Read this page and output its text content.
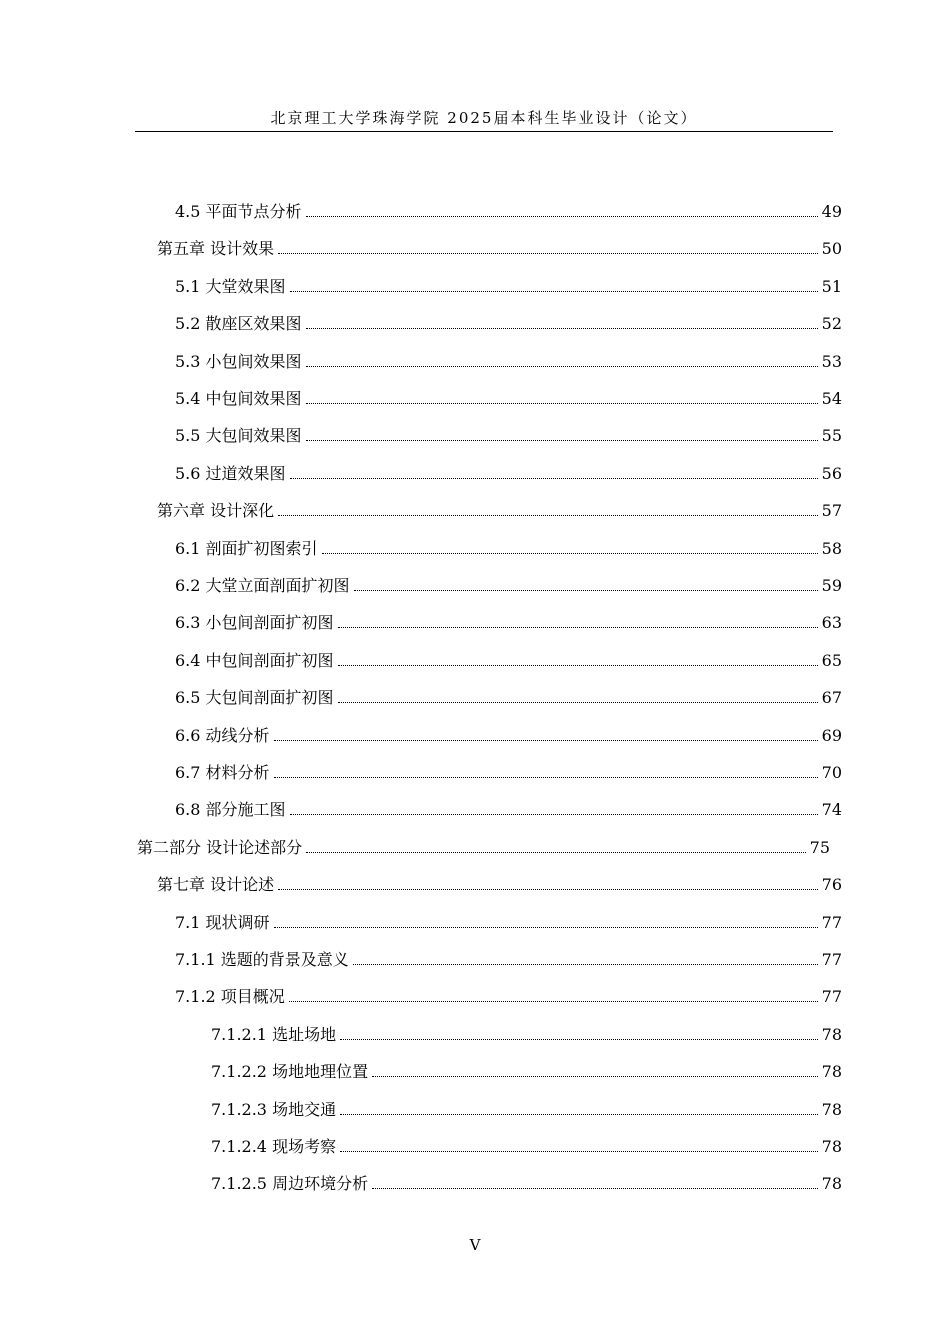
北京理工大学珠海学院 2025届本科生毕业设计（论文）
4.5 平面节点分析	49
第五章 设计效果	50
5.1 大堂效果图	51
5.2 散座区效果图	52
5.3 小包间效果图	53
5.4 中包间效果图	54
5.5 大包间效果图	55
5.6 过道效果图	56
第六章 设计深化	57
6.1 剖面扩初图索引	58
6.2 大堂立面剖面扩初图	59
6.3 小包间剖面扩初图	63
6.4 中包间剖面扩初图	65
6.5 大包间剖面扩初图	67
6.6 动线分析	69
6.7 材料分析	70
6.8 部分施工图	74
第二部分 设计论述部分	75
第七章 设计论述	76
7.1 现状调研	77
7.1.1 选题的背景及意义	77
7.1.2 项目概况	77
7.1.2.1 选址场地	78
7.1.2.2 场地地理位置	78
7.1.2.3 场地交通	78
7.1.2.4 现场考察	78
7.1.2.5 周边环境分析	78
V
